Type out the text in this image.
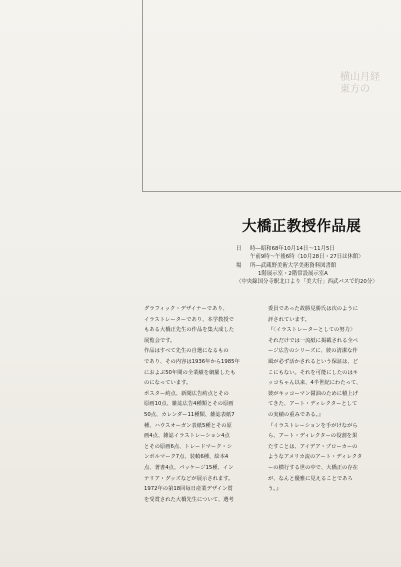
横山月経
東方の
大橋正教授作品展
日 時―昭和68年10月14日〜11月5日
午前9時〜午後6時〈10月28日・27日は休館〉
場 所―武蔵野美術大学美術資料図書館
1階展示室・2階常設展示室A
〈中央線国分寺駅北口より「美大行」西武バスで約20分〉
グラフィック・デザイナーであり、
イラストレーターであり、本学教授で
もある大橋正先生の作品を集大成した
展覧会です。
作品はすべて先生の自選になるもの
であり、その内容は1936年から1985年
におよぶ50年間の全業績を網羅したも
のになっています。
ポスター約点、新聞広告約点とその
原画10点、雑誌広告4種類とその原画
50点、カレンダー11種類、雑誌表紙7
種、ハウスオーガン表紙5種とその原
画4点、雑誌イラストレーション4点
とその原画6点、トレードマーク・シ
ンボルマーク7点、装幀6種、絵本4
点、著書4点、パッケージ15種、イン
テリア・グッズなどが展示されます。
1972年の第18回毎日産業デザイン賞
を受賞された大橋先生について、選考
委員であった故勝見勝氏は次のように
評されています。
『〈イラストレーターとしての努力〉
それだけでは一流紙に掲載される全ペ
ージ広告のシリーズに、彼の清潔な作
風が必ず活かされるという保証は、ど
こにもない。それを可能にしたのはキ
ッコちゃん以来、4半世紀にわたって、
彼がキッコーマン醤油のために積上げ
てきた、アート・ディレクターとして
の実績の重みである。』
『イラストレーションを手がけながら
ら、アート・ディレクターの役割を果
たすことは、アイデア・ブローカーの
ようなアメリカ流のアート・ディレクタ
ーの横行する世の中で、大橋正の存在
が、なんと優雅に見えることであろ
う。』
